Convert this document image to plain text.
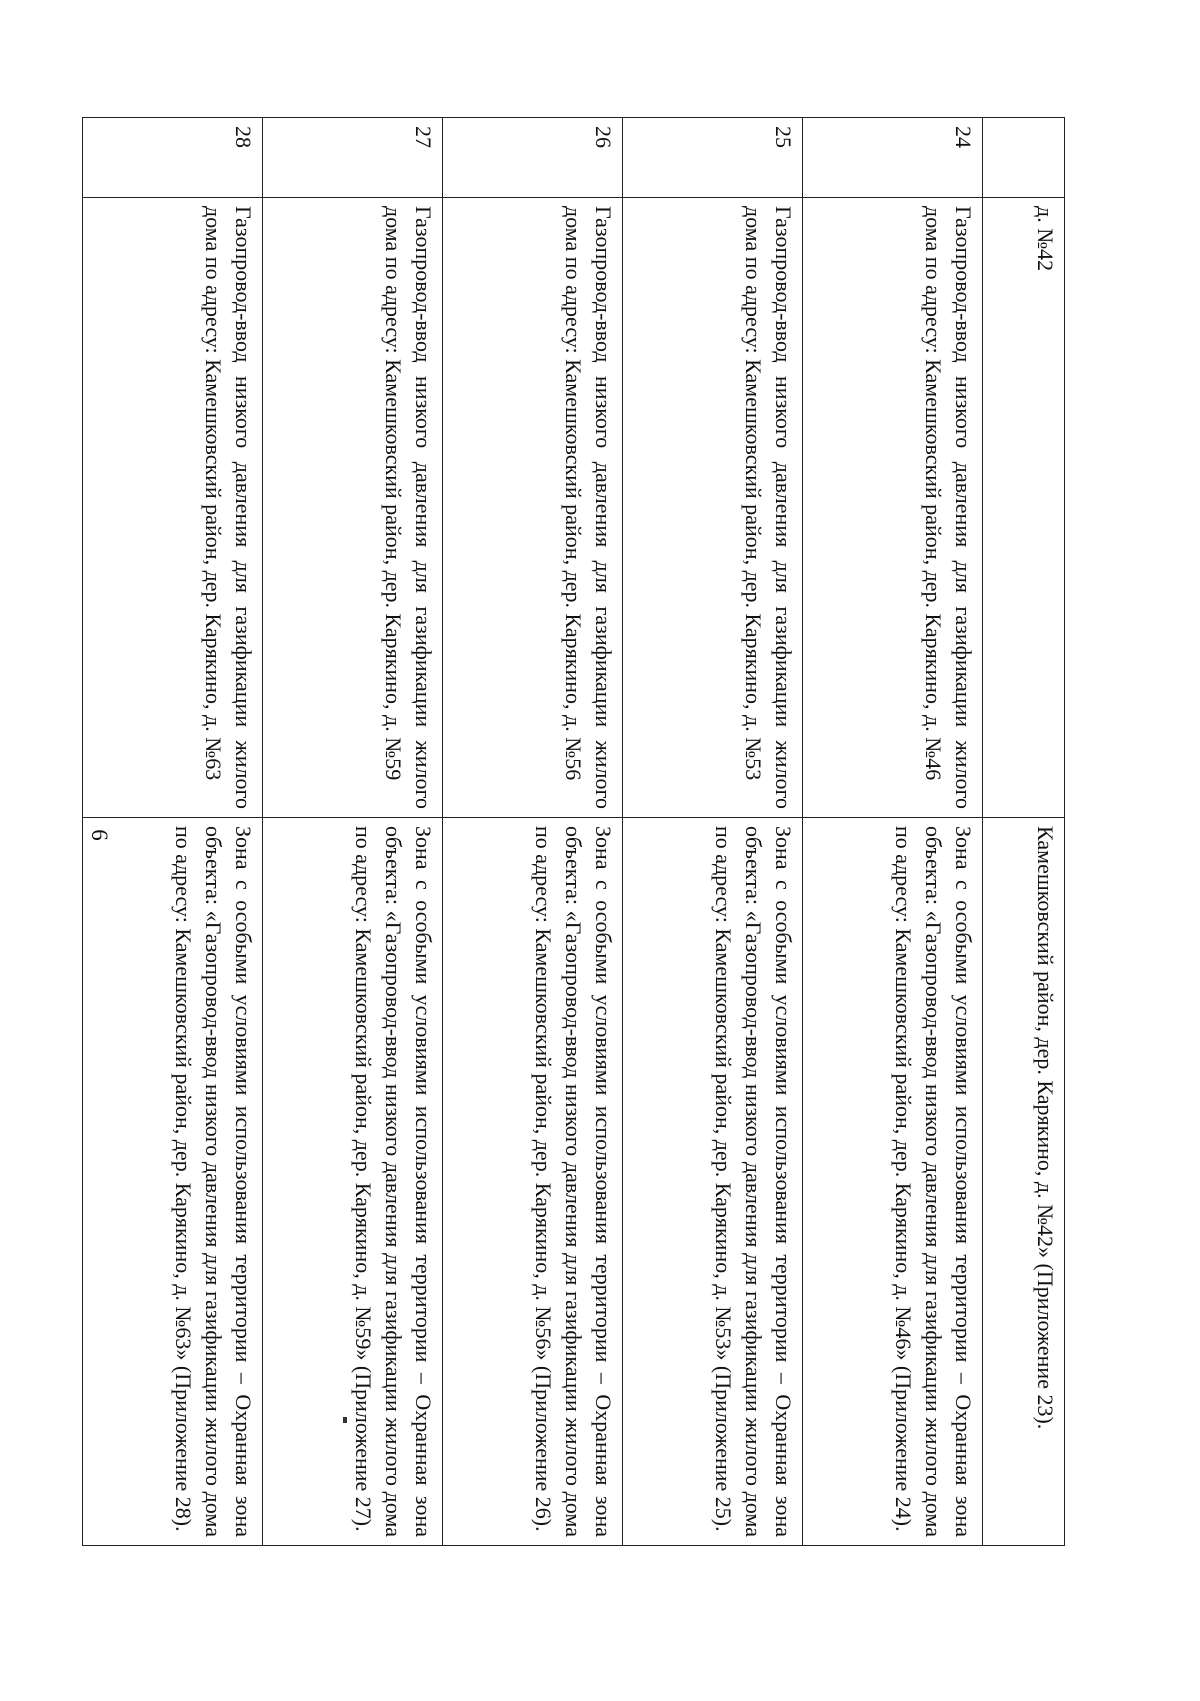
6
	д. №42	Камешковский район, дер. Карякино, д. №42» (Приложение 23).
24	Газопровод-ввод низкого давления для газификации жилого дома по адресу: Камешковский район, дер. Карякино, д. №46	Зона с особыми условиями использования территории – Охранная зона объекта: «Газопровод-ввод низкого давления для газификации жилого дома по адресу: Камешковский район, дер. Карякино, д. №46» (Приложение 24).
25	Газопровод-ввод низкого давления для газификации жилого дома по адресу: Камешковский район, дер. Карякино, д. №53	Зона с особыми условиями использования территории – Охранная зона объекта: «Газопровод-ввод низкого давления для газификации жилого дома по адресу: Камешковский район, дер. Карякино, д. №53» (Приложение 25).
26	Газопровод-ввод низкого давления для газификации жилого дома по адресу: Камешковский район, дер. Карякино, д. №56	Зона с особыми условиями использования территории – Охранная зона объекта: «Газопровод-ввод низкого давления для газификации жилого дома по адресу: Камешковский район, дер. Карякино, д. №56» (Приложение 26).
27	Газопровод-ввод низкого давления для газификации жилого дома по адресу: Камешковский район, дер. Карякино, д. №59	Зона с особыми условиями использования территории – Охранная зона объекта: «Газопровод-ввод низкого давления для газификации жилого дома по адресу: Камешковский район, дер. Карякино, д. №59» (Приложение 27).
28	Газопровод-ввод низкого давления для газификации жилого дома по адресу: Камешковский район, дер. Карякино, д. №63	Зона с особыми условиями использования территории – Охранная зона объекта: «Газопровод-ввод низкого давления для газификации жилого дома по адресу: Камешковский район, дер. Карякино, д. №63» (Приложение 28).
